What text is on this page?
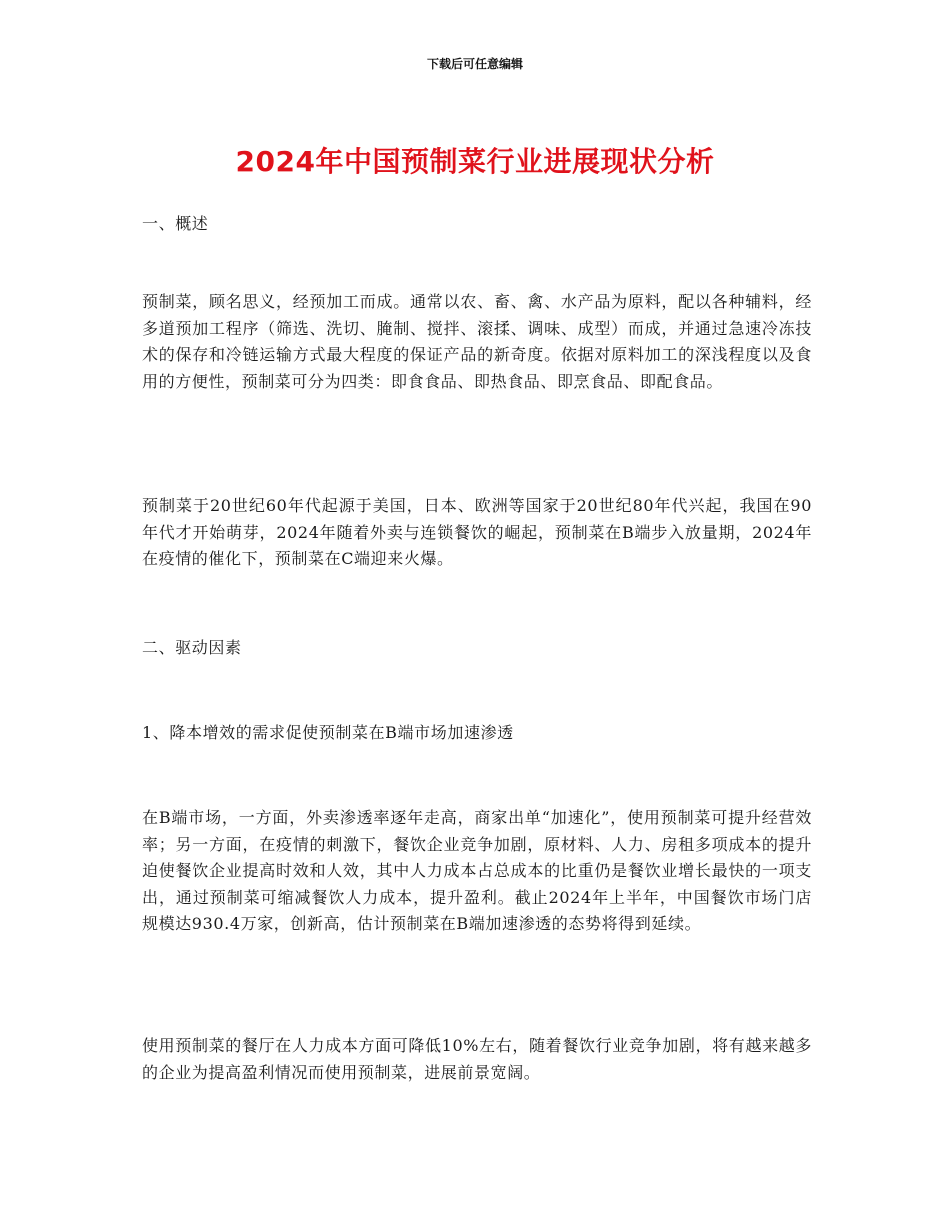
下载后可任意编辑
2024年中国预制菜行业进展现状分析
一、概述
预制菜，顾名思义，经预加工而成。通常以农、畜、禽、水产品为原料，配以各种辅料，经多道预加工程序（筛选、洗切、腌制、搅拌、滚揉、调味、成型）而成，并通过急速冷冻技术的保存和冷链运输方式最大程度的保证产品的新奇度。依据对原料加工的深浅程度以及食用的方便性，预制菜可分为四类：即食食品、即热食品、即烹食品、即配食品。
预制菜于20世纪60年代起源于美国，日本、欧洲等国家于20世纪80年代兴起，我国在90年代才开始萌芽，2024年随着外卖与连锁餐饮的崛起，预制菜在B端步入放量期，2024年在疫情的催化下，预制菜在C端迎来火爆。
二、驱动因素
1、降本增效的需求促使预制菜在B端市场加速渗透
在B端市场，一方面，外卖渗透率逐年走高，商家出单“加速化”，使用预制菜可提升经营效率；另一方面，在疫情的刺激下，餐饮企业竞争加剧，原材料、人力、房租多项成本的提升迫使餐饮企业提高时效和人效，其中人力成本占总成本的比重仍是餐饮业增长最快的一项支出，通过预制菜可缩减餐饮人力成本，提升盈利。截止2024年上半年，中国餐饮市场门店规模达930.4万家，创新高，估计预制菜在B端加速渗透的态势将得到延续。
使用预制菜的餐厅在人力成本方面可降低10%左右，随着餐饮行业竞争加剧，将有越来越多的企业为提高盈利情况而使用预制菜，进展前景宽阔。
